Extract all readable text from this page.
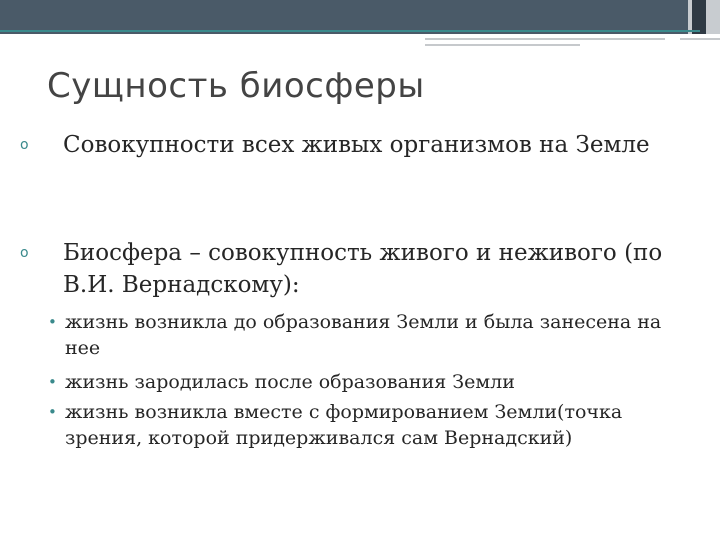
Сущность биосферы
o Совокупности всех живых организмов на Земле
o Биосфера – совокупность живого и неживого (по В.И. Вернадскому):
• жизнь возникла до образования Земли и была занесена на нее
• жизнь зародилась после образования Земли
• жизнь возникла вместе с формированием Земли(точка зрения, которой придерживался сам Вернадский)
